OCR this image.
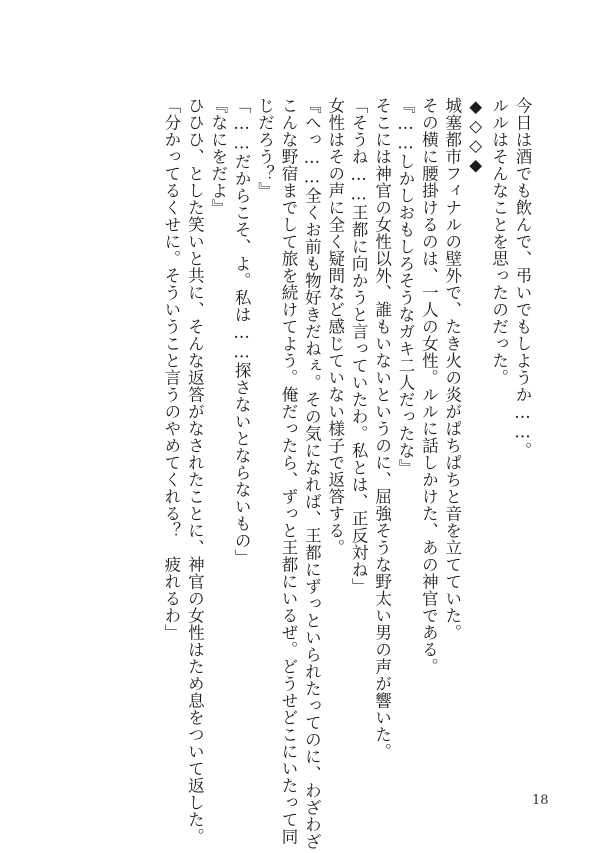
今日は酒でも飲んで、弔いでもしようか……。
ルルはそんなことを思ったのだった。
◆◇◇◆
城塞都市フィナルの壁外で、たき火の炎がぱちぱちと音を立てていた。
その横に腰掛けるのは、一人の女性。ルルに話しかけた、あの神官である。
『……しかしおもしろそうなガキ二人だったな』
そこには神官の女性以外、誰もいないというのに、屈強そうな野太い男の声が響いた。
「そうね……王都に向かうと言っていたわ。私とは、正反対ね」
女性はその声に全く疑問など感じていない様子で返答する。
『へっ……全くお前も物好きだねぇ。その気になれば、王都にずっといられたってのに、わざわざ
こんな野宿までして旅を続けてよう。俺だったら、ずっと王都にいるぜ。どうせどこにいたって同
じだろう？』
「……だからこそ、よ。私は……探さないとならないもの」
『なにをだよ』
ひひひ、とした笑いと共に、そんな返答がなされたことに、神官の女性はため息をついて返した。
「分かってるくせに。そういうこと言うのやめてくれる？　疲れるわ」
18
